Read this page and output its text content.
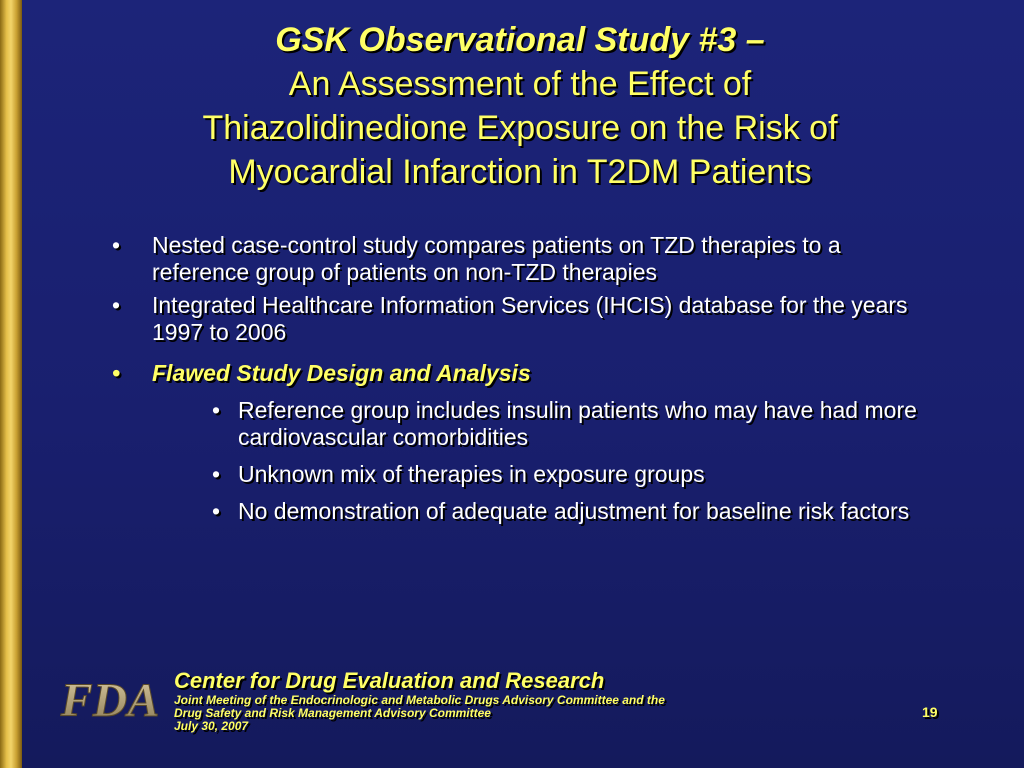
GSK Observational Study #3 –
An Assessment of the Effect of
Thiazolidinedione Exposure on the Risk of
Myocardial Infarction in T2DM Patients
• Nested case-control study compares patients on TZD therapies to a reference group of patients on non-TZD therapies
• Integrated Healthcare Information Services (IHCIS) database for the years 1997 to 2006
• Flawed Study Design and Analysis
• Reference group includes insulin patients who may have had more cardiovascular comorbidities
• Unknown mix of therapies in exposure groups
• No demonstration of adequate adjustment for baseline risk factors
FDA Center for Drug Evaluation and Research
Joint Meeting of the Endocrinologic and Metabolic Drugs Advisory Committee and the
Drug Safety and Risk Management Advisory Committee
July 30, 2007
19
